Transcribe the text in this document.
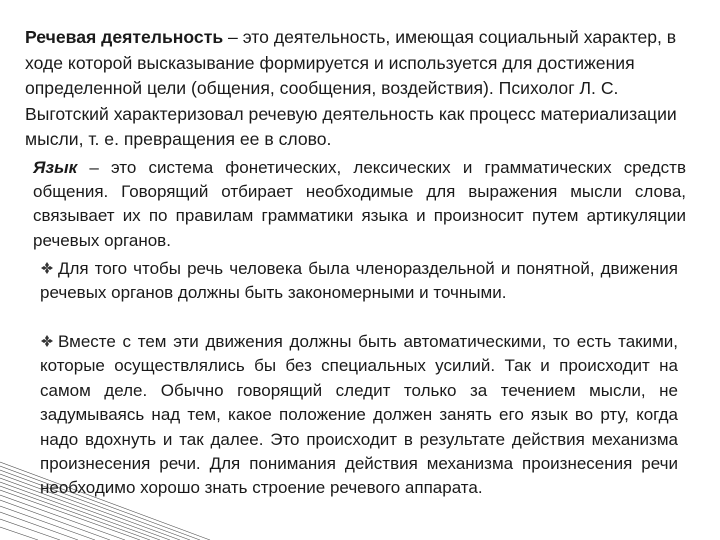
Речевая деятельность – это деятельность, имеющая социальный характер, в ходе которой высказывание формируется и используется для достижения определенной цели (общения, сообщения, воздействия). Психолог Л. С. Выготский характеризовал речевую деятельность как процесс материализации мысли, т. е. превращения ее в слово.

Язык – это система фонетических, лексических и грамматических средств общения. Говорящий отбирает необходимые для выражения мысли слова, связывает их по правилам грамматики языка и произносит путем артикуляции речевых органов.

Для того чтобы речь человека была членораздельной и понятной, движения речевых органов должны быть закономерными и точными.

Вместе с тем эти движения должны быть автоматическими, то есть такими, которые осуществлялись бы без специальных усилий. Так и происходит на самом деле. Обычно говорящий следит только за течением мысли, не задумываясь над тем, какое положение должен занять его язык во рту, когда надо вдохнуть и так далее. Это происходит в результате действия механизма произнесения речи. Для понимания действия механизма произнесения речи необходимо хорошо знать строение речевого аппарата.
